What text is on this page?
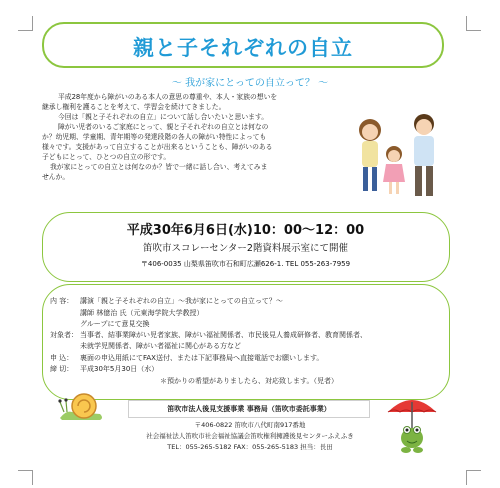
親と子それぞれの自立
～ 我が家にとっての自立って？ ～
平成28年度から障がいのある本人の意思の尊重や、本人・家族の想いを
継承し権利を護ることを考えて、学習会を続けてきました。
今回は「親と子それぞれの自立」について話し合いたいと思います。
障がい児者のいるご家庭にとって、親と子それぞれの自立とは何なの
か？幼児期、学童期、青年期等の発達段階の各人の障がい特性によっても
様々です。支援があって自立することが出来るということも、障がいのある
子どもにとって、ひとつの自立の形です。
我が家にとっての自立とは何なのか？皆で一緒に話し合い、考えてみま
せんか。
平成30年6月6日(水)10：00～12：00
笛吹市スコレーセンター2階資料展示室にて開催
〒406-0035 山梨県笛吹市石和町広瀬626-1. TEL 055-263-7959
内 容： 講演「親と子それぞれの自立」～我が家にとっての自立って？～
講師 林億治 氏（元東海学院大学教授）
グループにて意見交換
対象者： 当事者、結事業障がい児者家族、障がい福祉関係者、市民後見人養成研修者、教育関係者、
未就学児関係者、障がい者福祉に関心がある方など
申 込： 裏面の申込用紙にてFAX送付、または下記事務局へ直接電話でお願いします。
締 切： 平成30年5月30日（水）
＊預かりの希望がありましたら、対応致します。（児者）
笛吹市法人後見支援事業 事務局（笛吹市委託事業）
〒406-0822 笛吹市八代町南917番地
社会福祉法人笛吹市社会福祉協議会笛吹権利擁護後見センターふえふき
TEL：055-265-5182 FAX：055-265-5183 担当：長田
